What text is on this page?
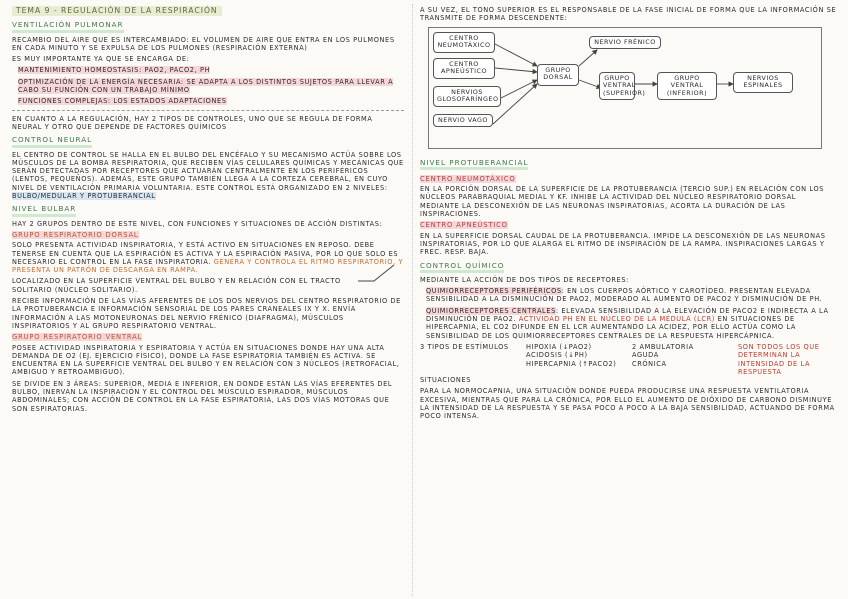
TEMA 9 - REGULACIÓN DE LA RESPIRACIÓN
VENTILACIÓN PULMONAR

RECAMBIO DEL AIRE QUE ES INTERCAMBIADO: EL VOLUMEN DE AIRE QUE ENTRA EN LOS PULMONES EN CADA MINUTO Y SE EXPULSA DE LOS PULMONES (RESPIRACIÓN EXTERNA)

ES MUY IMPORTANTE YA QUE SE ENCARGA DE:

MANTENIMIENTO HOMEOSTASIS: PAO2, PACO2, PH

OPTIMIZACIÓN DE LA ENERGÍA NECESARIA: SE ADAPTA A LOS DISTINTOS SUJETOS PARA LLEVAR A CABO SU FUNCIÓN CON UN TRABAJO MÍNIMO

FUNCIONES COMPLEJAS: LOS ESTADOS ADAPTACIONES

EN CUANTO A LA REGULACIÓN, HAY 2 TIPOS DE CONTROLES, UNO QUE SE REGULA DE FORMA NEURAL Y OTRO QUE DEPENDE DE FACTORES QUÍMICOS

CONTROL NEURAL

EL CENTRO DE CONTROL SE HALLA EN EL BULBO DEL ENCÉFALO Y SU MECANISMO ACTÚA SOBRE LOS MÚSCULOS DE LA BOMBA RESPIRATORIA, QUE RECIBEN VÍAS CELULARES QUÍMICAS Y MECÁNICAS QUE SERÁN DETECTADAS POR RECEPTORES QUE ACTUARÁN CENTRALMENTE EN LOS PERIFÉRICOS (LENTOS, PEQUEÑOS). ADEMÁS, ESTE GRUPO TAMBIÉN LLEGA A LA CORTEZA CEREBRAL, EN CUYO NIVEL DE VENTILACIÓN PRIMARIA VOLUNTARIA. ESTE CONTROL ESTÁ ORGANIZADO EN 2 NIVELES: BULBO/MEDULAR Y PROTUBERANCIAL

NIVEL BULBAR

HAY 2 GRUPOS DENTRO DE ESTE NIVEL, CON FUNCIONES Y SITUACIONES DE ACCIÓN DISTINTAS:

GRUPO RESPIRATORIO DORSAL

SOLO PRESENTA ACTIVIDAD INSPIRATORIA, Y ESTÁ ACTIVO EN SITUACIONES EN REPOSO. DEBE TENERSE EN CUENTA QUE LA ESPIRACIÓN ES ACTIVA Y LA ESPIRACIÓN PASIVA, POR LO QUE SOLO ES NECESARIO EL CONTROL EN LA FASE INSPIRATORIA. GENERA Y CONTROLA EL RITMO RESPIRATORIO, Y PRESENTA UN PATRÓN DE DESCARGA EN RAMPA.

LOCALIZADO EN LA SUPERFICIE VENTRAL DEL BULBO Y EN RELACIÓN CON EL TRACTO SOLITARIO (NÚCLEO SOLITARIO).

RECIBE INFORMACIÓN DE LAS VÍAS AFERENTES DE LOS DOS NERVIOS DEL CENTRO RESPIRATORIO DE LA PROTUBERANCIA E INFORMACIÓN SENSORIAL DE LOS PARES CRANEALES IX Y X. ENVÍA INFORMACIÓN A LAS MOTONEURONAS DEL NERVIO FRÉNICO (DIAFRAGMA), MÚSCULOS INSPIRATORIOS Y AL GRUPO RESPIRATORIO VENTRAL.

GRUPO RESPIRATORIO VENTRAL

POSEE ACTIVIDAD INSPIRATORIA Y ESPIRATORIA Y ACTÚA EN SITUACIONES DONDE HAY UNA ALTA DEMANDA DE O2 (EJ. EJERCICIO FÍSICO), DONDE LA FASE ESPIRATORIA TAMBIÉN ES ACTIVA. SE ENCUENTRA EN LA SUPERFICIE VENTRAL DEL BULBO Y EN RELACIÓN CON 3 NÚCLEOS (RETROFACIAL, AMBIGUO Y RETROAMBIGUO).

SE DIVIDE EN 3 ÁREAS: SUPERIOR, MEDIA E INFERIOR, EN DONDE ESTÁN LAS VÍAS EFERENTES DEL BULBO, INERVAN LA INSPIRACIÓN Y EL CONTROL DEL MÚSCULO ESPIRADOR, MÚSCULOS ABDOMINALES; CON ACCIÓN DE CONTROL EN LA FASE ESPIRATORIA, LAS DOS VÍAS MOTORAS QUE SON ESPIRATORIAS.

A SU VEZ, EL TONO SUPERIOR ES EL RESPONSABLE DE LA FASE INICIAL DE FORMA QUE LA INFORMACIÓN SE TRANSMITE DE FORMA DESCENDENTE:

CENTRO NEUMOTÁXICO
CENTRO APNEÚSTICO
NERVIOS GLOSOFARÍNGEO
NERVIO VAGO
GRUPO DORSAL
NERVIO FRÉNICO
GRUPO VENTRAL (SUPERIOR)
GRUPO VENTRAL (INFERIOR)
NERVIOS ESPINALES
NIVEL PROTUBERANCIAL
CENTRO NEUMOTÁXICO

EN LA PORCIÓN DORSAL DE LA SUPERFICIE DE LA PROTUBERANCIA (TERCIO SUP.) EN RELACIÓN CON LOS NÚCLEOS PARABRAQUIAL MEDIAL Y KF. INHIBE LA ACTIVIDAD DEL NÚCLEO RESPIRATORIO DORSAL MEDIANTE LA DESCONEXIÓN DE LAS NEURONAS INSPIRATORIAS, ACORTA LA DURACIÓN DE LAS INSPIRACIONES.

CENTRO APNEÚSTICO

EN LA SUPERFICIE DORSAL CAUDAL DE LA PROTUBERANCIA. IMPIDE LA DESCONEXIÓN DE LAS NEURONAS INSPIRATORIAS, POR LO QUE ALARGA EL RITMO DE INSPIRACIÓN DE LA RAMPA. INSPIRACIONES LARGAS Y FREC. RESP. BAJA.

CONTROL QUÍMICO

MEDIANTE LA ACCIÓN DE DOS TIPOS DE RECEPTORES:

QUIMIORRECEPTORES PERIFÉRICOS: EN LOS CUERPOS AÓRTICO Y CAROTÍDEO. PRESENTAN ELEVADA SENSIBILIDAD A LA DISMINUCIÓN DE PAO2, MODERADO AL AUMENTO DE PACO2 Y DISMINUCIÓN DE PH.

QUIMIORRECEPTORES CENTRALES: ELEVADA SENSIBILIDAD A LA ELEVACIÓN DE PACO2 E INDIRECTA A LA DISMINUCIÓN DE PAO2. ACTIVIDAD PH EN EL NÚCLEO DE LA MÉDULA (LCR) EN SITUACIONES DE HIPERCAPNIA, EL CO2 DIFUNDE EN EL LCR AUMENTANDO LA ACIDEZ, POR ELLO ACTÚA COMO LA SENSIBILIDAD DE LOS QUIMIORRECEPTORES CENTRALES DE LA RESPUESTA HIPERCÁPNICA.

3 TIPOS DE ESTÍMULOS	HIPOXIA (↓PAO2)
ACIDOSIS (↓PH)
HIPERCAPNIA (↑PACO2)
2 AMBULATORIA
AGUDA
CRÓNICA
SON TODOS LOS QUE DETERMINAN LA INTENSIDAD DE LA RESPUESTA

SITUACIONES

PARA LA NORMOCAPNIA, UNA SITUACIÓN DONDE PUEDA PRODUCIRSE UNA RESPUESTA VENTILATORIA EXCESIVA, MIENTRAS QUE PARA LA CRÓNICA, POR ELLO EL AUMENTO DE DIÓXIDO DE CARBONO DISMINUYE LA INTENSIDAD DE LA RESPUESTA Y SE PASA POCO A POCO A LA BAJA SENSIBILIDAD, ACTUANDO DE FORMA POCO INTENSA.
